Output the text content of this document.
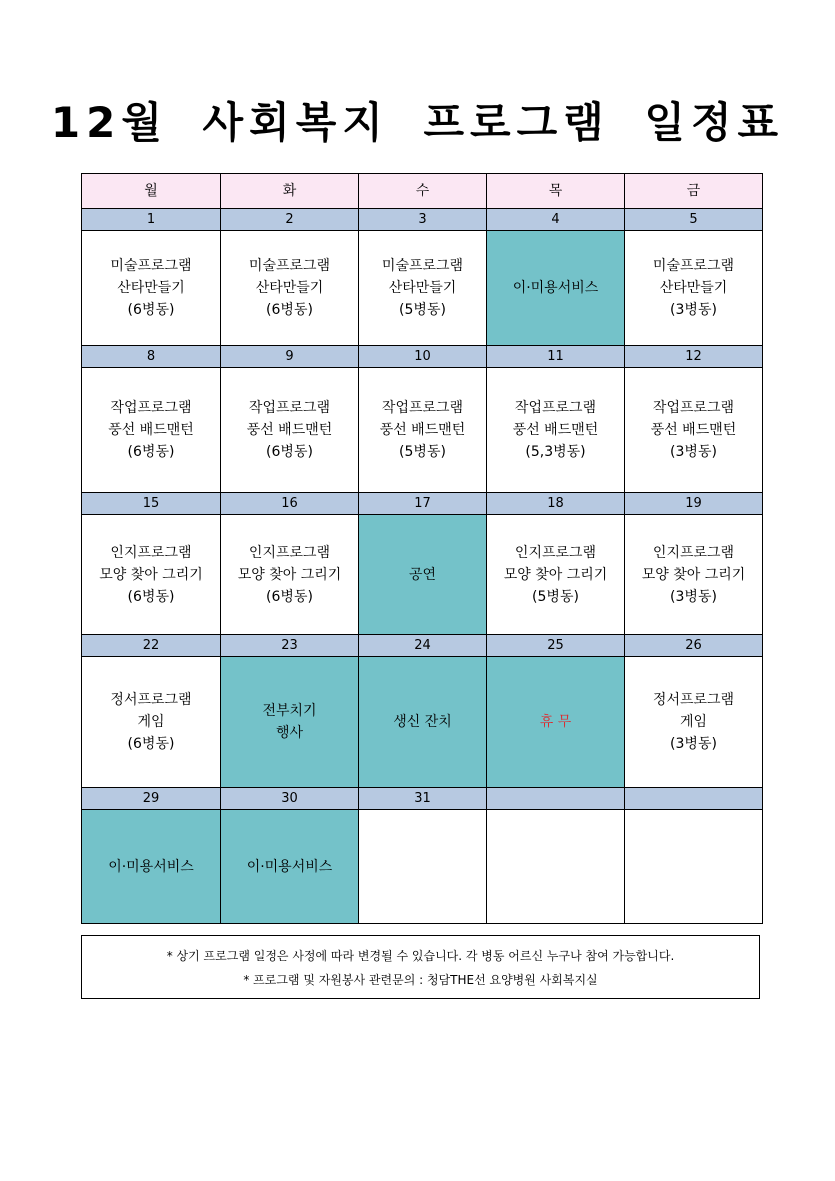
12월 사회복지 프로그램 일정표
월	화	수	목	금
1	2	3	4	5

미술프로그램
산타만들기
(6병동)	미술프로그램
산타만들기
(6병동)	미술프로그램
산타만들기
(5병동)	이·미용서비스	미술프로그램
산타만들기
(3병동)

8	9	10	11	12

작업프로그램
풍선 배드맨턴
(6병동)	작업프로그램
풍선 배드맨턴
(6병동)	작업프로그램
풍선 배드맨턴
(5병동)	작업프로그램
풍선 배드맨턴
(5,3병동)	작업프로그램
풍선 배드맨턴
(3병동)

15	16	17	18	19

인지프로그램
모양 찾아 그리기
(6병동)	인지프로그램
모양 찾아 그리기
(6병동)	공연	인지프로그램
모양 찾아 그리기
(5병동)	인지프로그램
모양 찾아 그리기
(3병동)

22	23	24	25	26

정서프로그램
게임
(6병동)	전부치기
행사	생신 잔치	휴 무	정서프로그램
게임
(3병동)

29	30	31		

이·미용서비스	이·미용서비스			

* 상기 프로그램 일정은 사정에 따라 변경될 수 있습니다. 각 병동 어르신 누구나 참여 가능합니다.
* 프로그램 및 자원봉사 관련문의 : 청담THE선 요양병원 사회복지실
